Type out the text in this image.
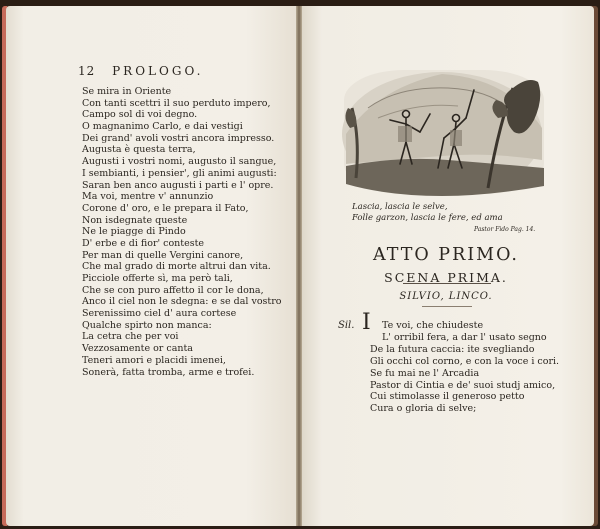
12 PROLOGO.
Se mira in Oriente
Con tanti scettri il suo perduto impero,
Campo sol di voi degno.
O magnanimo Carlo, e dai vestigi
Dei grand' avoli vostri ancora impresso.
Augusta è questa terra,
Augusti i vostri nomi, augusto il sangue,
I sembianti, i pensier', gli animi augusti:
Saran ben anco augusti i parti e l' opre.
Ma voi, mentre v' annunzio
Corone d' oro, e le prepara il Fato,
Non isdegnate queste
Ne le piagge di Pindo
D' erbe e di fior' conteste
Per man di quelle Vergini canore,
Che mal grado di morte altrui dan vita.
Picciole offerte sì, ma però tali,
Che se con puro affetto il cor le dona,
Anco il ciel non le sdegna: e se dal vostro
Serenissimo ciel d' aura cortese
Qualche spirto non manca:
La cetra che per voi
Vezzosamente or canta
Teneri amori e placidi imenei,
Sonerà, fatta tromba, arme e trofei.
Lascia, lascia le selve,
Folle garzon, lascia le fere, ed ama
Pastor Fido Pag. 14.
ATTO PRIMO.
SCENA PRIMA.
SILVIO, LINCO.
Sil. I Te voi, che chiudeste
L' orribil fera, a dar l' usato segno
De la futura caccia: ite svegliando
Gli occhi col corno, e con la voce i cori.
Se fu mai ne l' Arcadia
Pastor di Cintia e de' suoi studj amico,
Cui stimolasse il generoso petto
Cura o gloria di selve;
